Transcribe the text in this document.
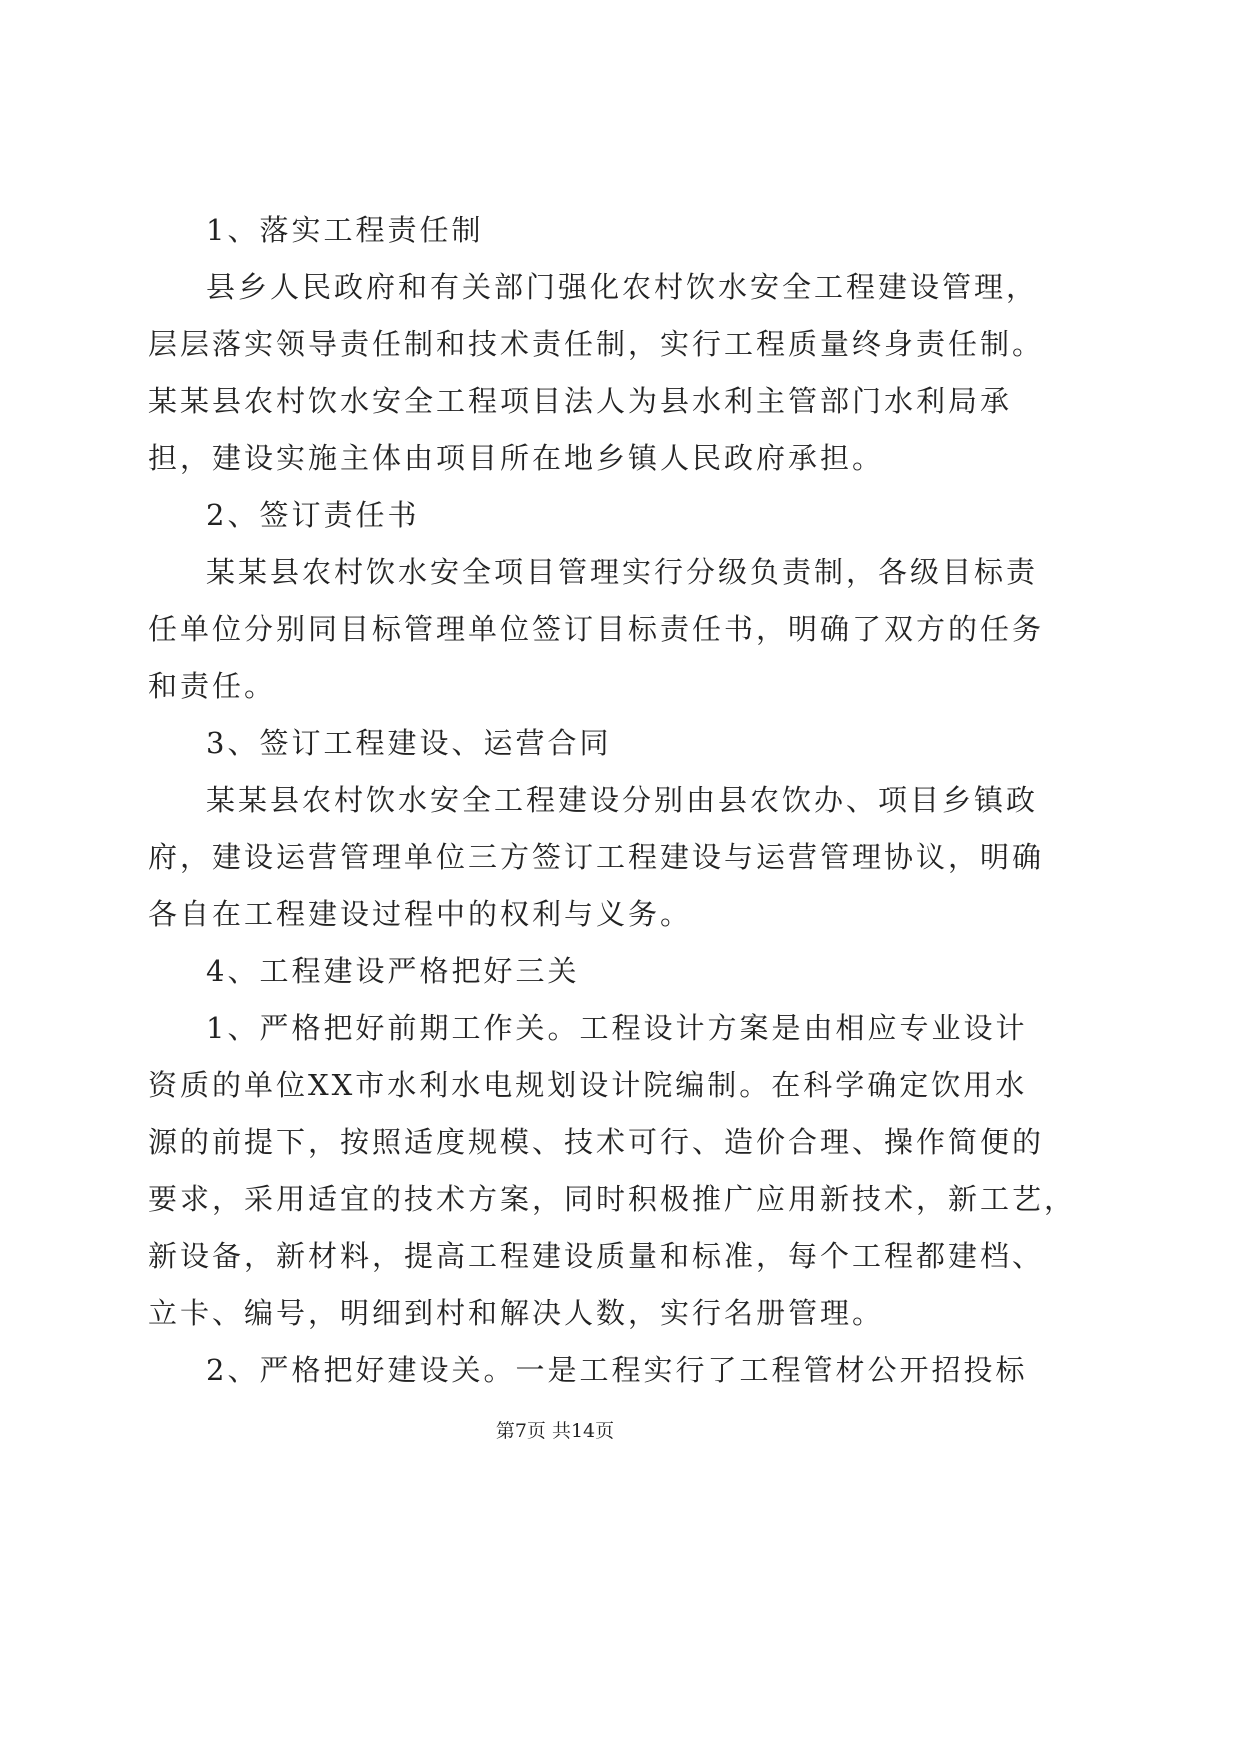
1、落实工程责任制
县乡人民政府和有关部门强化农村饮水安全工程建设管理，
层层落实领导责任制和技术责任制，实行工程质量终身责任制。
某某县农村饮水安全工程项目法人为县水利主管部门水利局承
担，建设实施主体由项目所在地乡镇人民政府承担。
2、签订责任书
某某县农村饮水安全项目管理实行分级负责制，各级目标责
任单位分别同目标管理单位签订目标责任书，明确了双方的任务
和责任。
3、签订工程建设、运营合同
某某县农村饮水安全工程建设分别由县农饮办、项目乡镇政
府，建设运营管理单位三方签订工程建设与运营管理协议，明确
各自在工程建设过程中的权利与义务。
4、工程建设严格把好三关
1、严格把好前期工作关。工程设计方案是由相应专业设计
资质的单位XX市水利水电规划设计院编制。在科学确定饮用水
源的前提下，按照适度规模、技术可行、造价合理、操作简便的
要求，采用适宜的技术方案，同时积极推广应用新技术，新工艺，
新设备，新材料，提高工程建设质量和标准，每个工程都建档、
立卡、编号，明细到村和解决人数，实行名册管理。
2、严格把好建设关。一是工程实行了工程管材公开招投标
第7页 共14页
